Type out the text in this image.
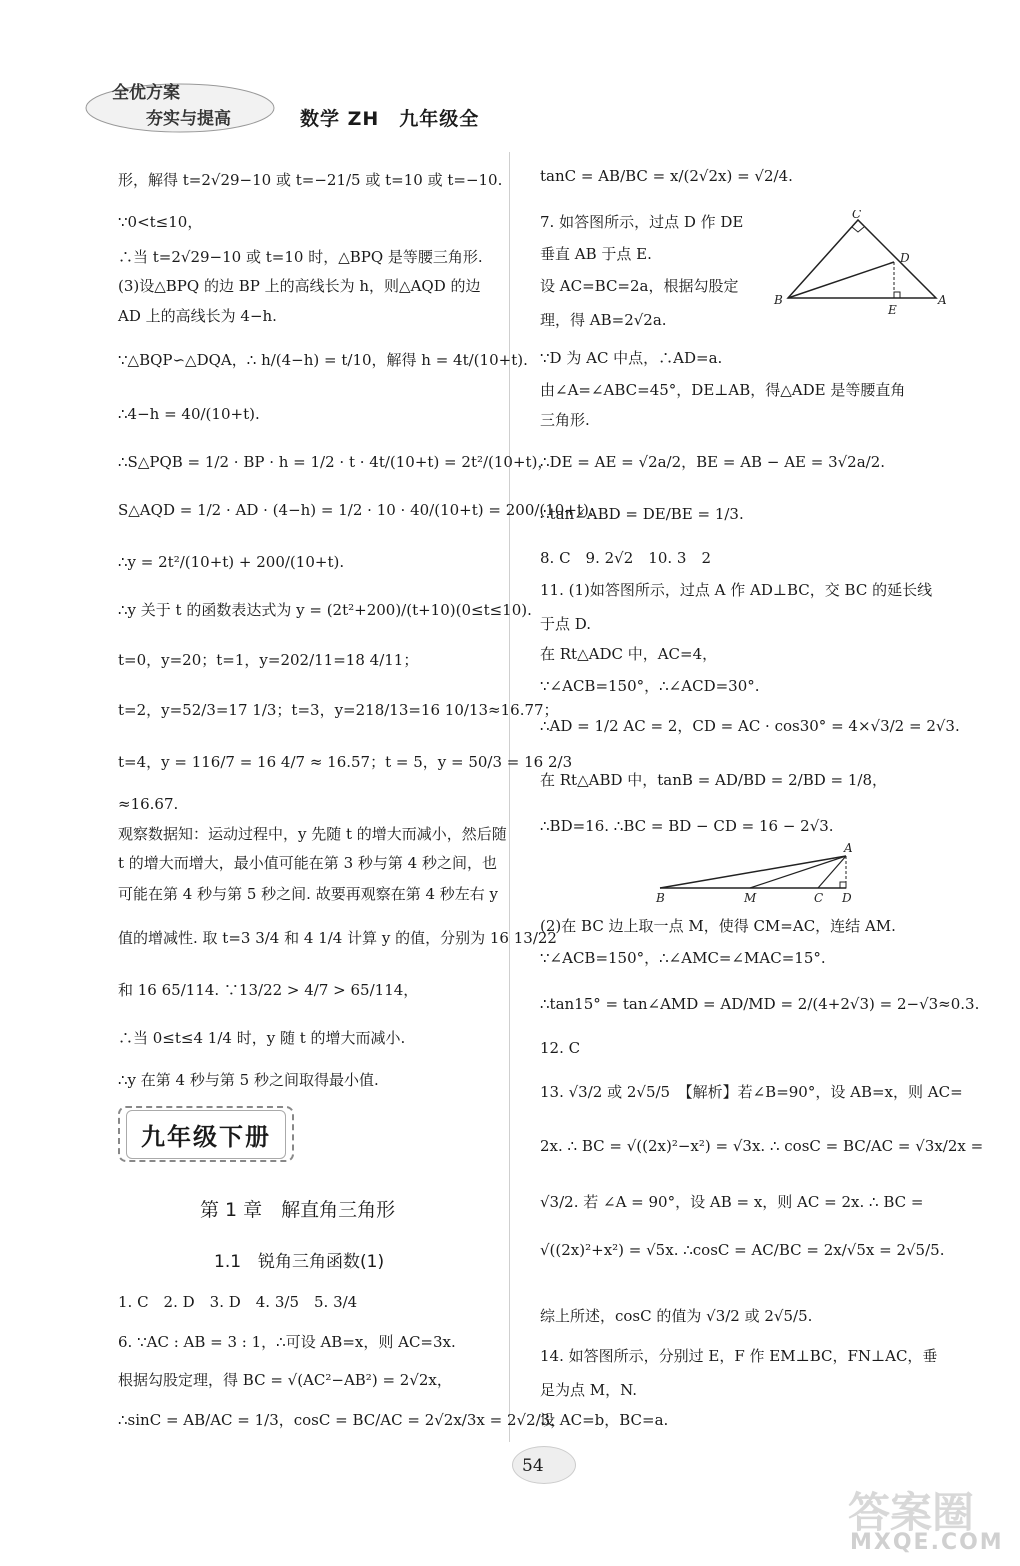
全优方案
夯实与提高	数学 ZH　九年级全
形，解得 t=2√29−10 或 t=−21/5 或 t=10 或 t=−10.
∵0<t≤10，
∴当 t=2√29−10 或 t=10 时，△BPQ 是等腰三角形.
(3)设△BPQ 的边 BP 上的高线长为 h，则△AQD 的边
AD 上的高线长为 4−h.
∵△BQP∽△DQA，∴ h/(4−h) = t/10，解得 h = 4t/(10+t).
∴4−h = 40/(10+t).
∴S△PQB = 1/2 · BP · h = 1/2 · t · 4t/(10+t) = 2t²/(10+t)，
S△AQD = 1/2 · AD · (4−h) = 1/2 · 10 · 40/(10+t) = 200/(10+t).
∴y = 2t²/(10+t) + 200/(10+t).
∴y 关于 t 的函数表达式为 y = (2t²+200)/(t+10)(0≤t≤10).
t=0，y=20；t=1，y=202/11=18 4/11；
t=2，y=52/3=17 1/3；t=3，y=218/13=16 10/13≈16.77；
t=4，y = 116/7 = 16 4/7 ≈ 16.57；t = 5，y = 50/3 = 16 2/3
≈16.67.
观察数据知：运动过程中，y 先随 t 的增大而减小，然后随
t 的增大而增大，最小值可能在第 3 秒与第 4 秒之间，也
可能在第 4 秒与第 5 秒之间. 故要再观察在第 4 秒左右 y
值的增减性. 取 t=3 3/4 和 4 1/4 计算 y 的值，分别为 16 13/22
和 16 65/114. ∵13/22 > 4/7 > 65/114，
∴当 0≤t≤4 1/4 时，y 随 t 的增大而减小.
∴y 在第 4 秒与第 5 秒之间取得最小值.
九年级下册
第 1 章　解直角三角形
1.1　锐角三角函数(1)
1. C　2. D　3. D　4. 3/5　5. 3/4
6. ∵AC : AB = 3 : 1，∴可设 AB=x，则 AC=3x.
根据勾股定理，得 BC = √(AC²−AB²) = 2√2x，
∴sinC = AB/AC = 1/3，cosC = BC/AC = 2√2x/3x = 2√2/3，
tanC = AB/BC = x/(2√2x) = √2/4.
7. 如答图所示，过点 D 作 DE
垂直 AB 于点 E.
设 AC=BC=2a，根据勾股定
理，得 AB=2√2a.
∵D 为 AC 中点，∴AD=a.
由∠A=∠ABC=45°，DE⊥AB，得△ADE 是等腰直角
三角形.
∴DE = AE = √2a/2，BE = AB − AE = 3√2a/2.
∴tan∠ABD = DE/BE = 1/3.
8. C　9. 2√2　10. 3　2
11. (1)如答图所示，过点 A 作 AD⊥BC，交 BC 的延长线
于点 D.
在 Rt△ADC 中，AC=4，
∵∠ACB=150°，∴∠ACD=30°.
∴AD = 1/2 AC = 2，CD = AC · cos30° = 4×√3/2 = 2√3.
在 Rt△ABD 中，tanB = AD/BD = 2/BD = 1/8，
∴BD=16. ∴BC = BD − CD = 16 − 2√3.
(2)在 BC 边上取一点 M，使得 CM=AC，连结 AM.
∵∠ACB=150°，∴∠AMC=∠MAC=15°.
∴tan15° = tan∠AMD = AD/MD = 2/(4+2√3) = 2−√3≈0.3.
12. C
13. √3/2 或 2√5/5　【解析】若∠B=90°，设 AB=x，则 AC=
2x. ∴ BC = √((2x)²−x²) = √3x. ∴ cosC = BC/AC = √3x/2x =
√3/2. 若 ∠A = 90°，设 AB = x，则 AC = 2x. ∴ BC =
√((2x)²+x²) = √5x. ∴cosC = AC/BC = 2x/√5x = 2√5/5.
综上所述，cosC 的值为 √3/2 或 2√5/5.
14. 如答图所示，分别过 E，F 作 EM⊥BC，FN⊥AC，垂
足为点 M，N.
设 AC=b，BC=a.
C
D
B
E
A
A
B	M	C D
54
答案圈
MXQE.COM
